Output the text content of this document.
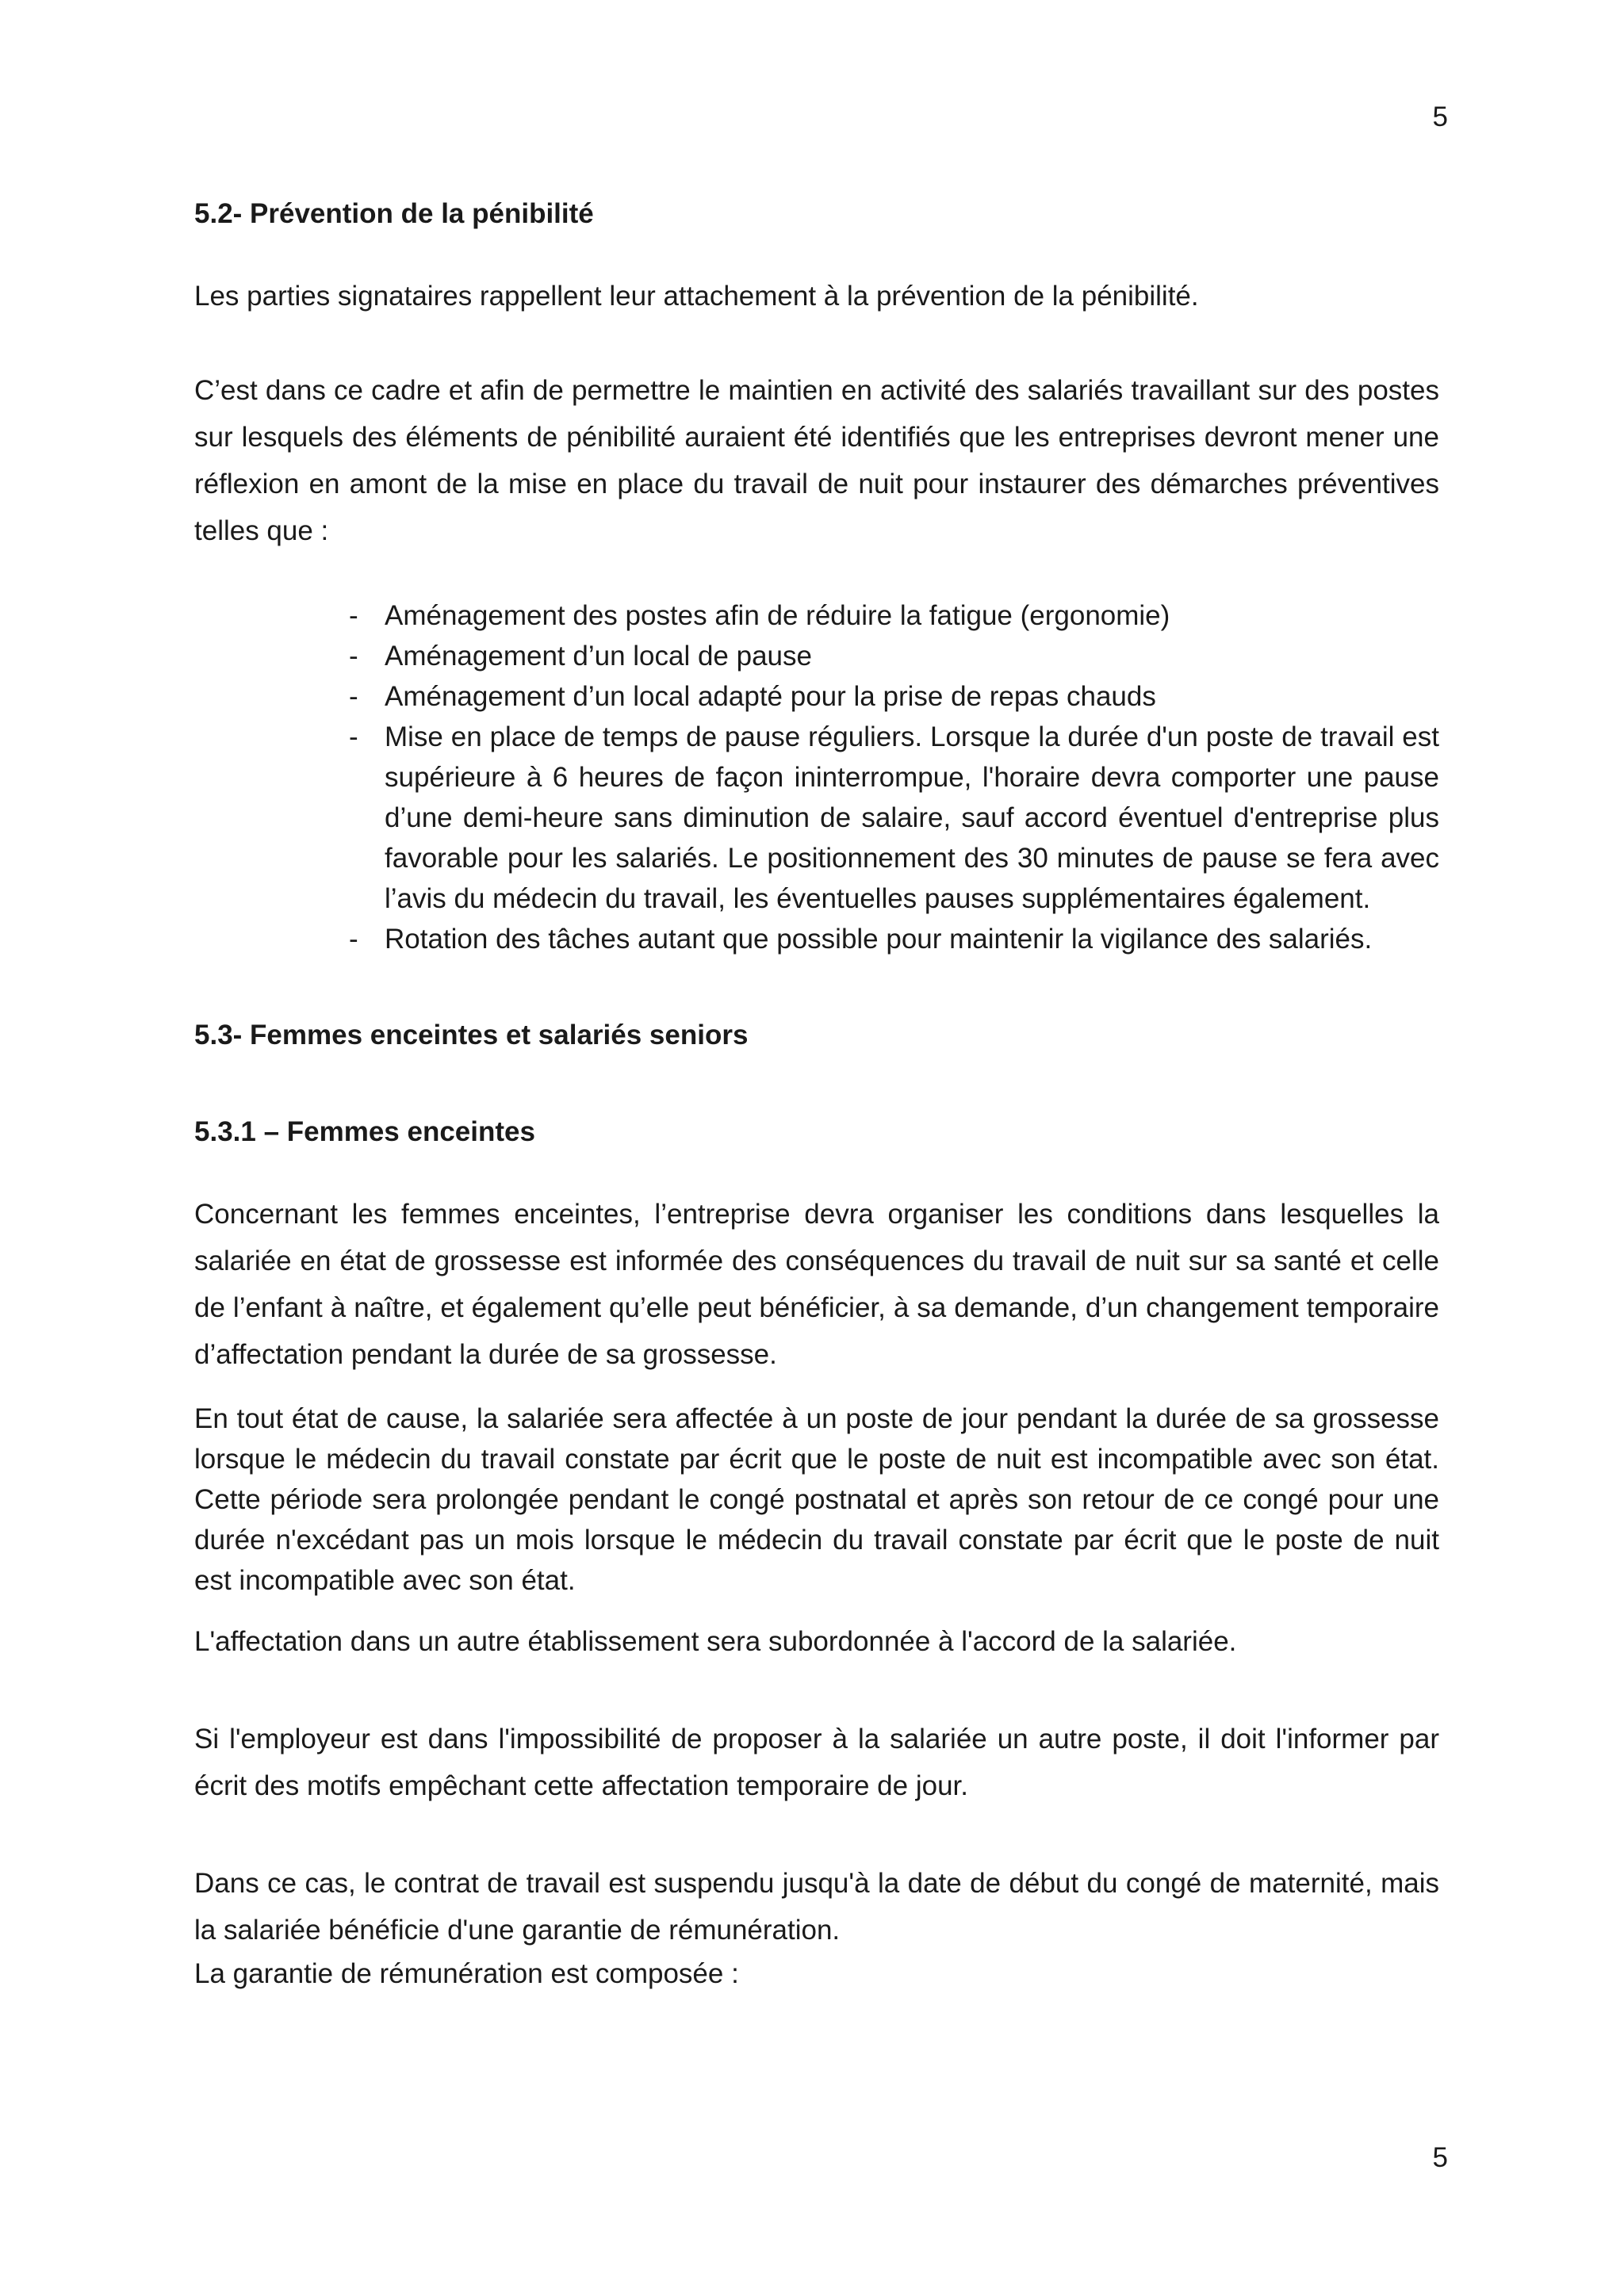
5
5.2- Prévention de la pénibilité

Les parties signataires rappellent leur attachement à la prévention de la pénibilité.

C’est dans ce cadre et afin de permettre le maintien en activité des salariés travaillant sur des postes sur lesquels des éléments de pénibilité auraient été identifiés que les entreprises devront mener une réflexion en amont de la mise en place du travail de nuit pour instaurer des démarches préventives telles que :

- Aménagement des postes afin de réduire la fatigue (ergonomie)
- Aménagement d’un local de pause
- Aménagement d’un local adapté pour la prise de repas chauds
- Mise en place de temps de pause réguliers. Lorsque la durée d'un poste de travail est supérieure à 6 heures de façon ininterrompue, l'horaire devra comporter une pause d’une demi-heure sans diminution de salaire, sauf accord éventuel d'entreprise plus favorable pour les salariés. Le positionnement des 30 minutes de pause se fera avec l’avis du médecin du travail, les éventuelles pauses supplémentaires également.
- Rotation des tâches autant que possible pour maintenir la vigilance des salariés.
5.3- Femmes enceintes et salariés seniors
5.3.1 – Femmes enceintes

Concernant les femmes enceintes, l’entreprise devra organiser les conditions dans lesquelles la salariée en état de grossesse est informée des conséquences du travail de nuit sur sa santé et celle de l’enfant à naître, et également qu’elle peut bénéficier, à sa demande, d’un changement temporaire d’affectation pendant la durée de sa grossesse.

En tout état de cause, la salariée sera affectée à un poste de jour pendant la durée de sa grossesse lorsque le médecin du travail constate par écrit que le poste de nuit est incompatible avec son état. Cette période sera prolongée pendant le congé postnatal et après son retour de ce congé pour une durée n'excédant pas un mois lorsque le médecin du travail constate par écrit que le poste de nuit est incompatible avec son état.

L'affectation dans un autre établissement sera subordonnée à l'accord de la salariée.

Si l'employeur est dans l'impossibilité de proposer à la salariée un autre poste, il doit l'informer par écrit des motifs empêchant cette affectation temporaire de jour.

Dans ce cas, le contrat de travail est suspendu jusqu'à la date de début du congé de maternité, mais la salariée bénéficie d'une garantie de rémunération.

La garantie de rémunération est composée :

5
